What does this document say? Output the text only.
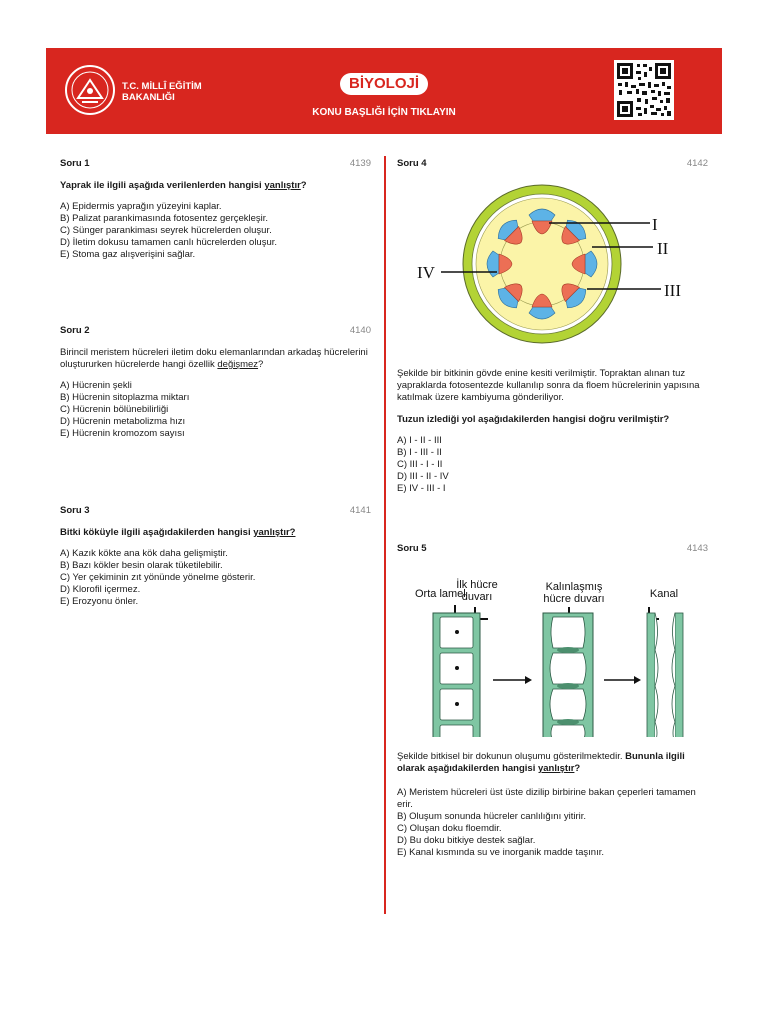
T.C. MİLLÎ EĞİTİM
BAKANLIĞI
BİYOLOJİ
KONU BAŞLIĞI İÇİN TIKLAYIN
Soru 1	4139

Yaprak ile ilgili aşağıda verilenlerden hangisi yanlıştır?

A) Epidermis yaprağın yüzeyini kaplar.
B) Palizat parankimasında fotosentez gerçekleşir.
C) Sünger parankiması seyrek hücrelerden oluşur.
D) İletim dokusu tamamen canlı hücrelerden oluşur.
E) Stoma gaz alışverişini sağlar.
Soru 2	4140

Birincil meristem hücreleri iletim doku elemanlarından arkadaş hücrelerini oluştururken hücrelerde hangi özellik değişmez?

A) Hücrenin şekli
B) Hücrenin sitoplazma miktarı
C) Hücrenin bölünebilirliği
D) Hücrenin metabolizma hızı
E) Hücrenin kromozom sayısı
Soru 3	4141

Bitki köküyle ilgili aşağıdakilerden hangisi yanlıştır?

A) Kazık kökte ana kök daha gelişmiştir.
B) Bazı kökler besin olarak tüketilebilir.
C) Yer çekiminin zıt yönünde yönelme gösterir.
D) Klorofil içermez.
E) Erozyonu önler.
Soru 4	4142
I
II
III
IV

Şekilde bir bitkinin gövde enine kesiti verilmiştir. Topraktan alınan tuz yapraklarda fotosentezde kullanılıp sonra da floem hücrelerinin yapısına katılmak üzere kambiyuma gönderiliyor.

Tuzun izlediği yol aşağıdakilerden hangisi doğru verilmiştir?

A) I - II - III
B) I - III - II
C) III - I - II
D) III - II - IV
E) IV - III - I
Soru 5	4143
Orta lamel
İlk hücre
duvarı
Kalınlaşmış
hücre duvarı	Kanal

Şekilde bitkisel bir dokunun oluşumu gösterilmektedir. Bununla ilgili olarak aşağıdakilerden hangisi yanlıştır?

A) Meristem hücreleri üst üste dizilip birbirine bakan çeperleri tamamen erir.
B) Oluşum sonunda hücreler canlılığını yitirir.
C) Oluşan doku floemdir.
D) Bu doku bitkiye destek sağlar.
E) Kanal kısmında su ve inorganik madde taşınır.
